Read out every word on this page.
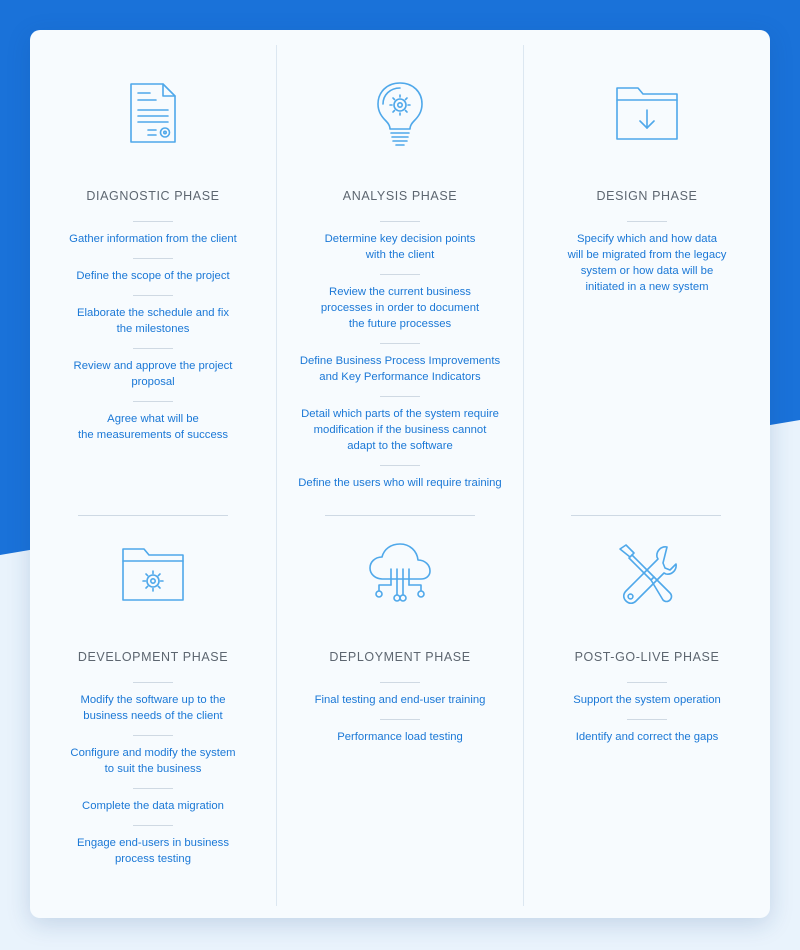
DIAGNOSTIC PHASE
Gather information from the client
Define the scope of the project
Elaborate the schedule and fix
the milestones
Review and approve the project
proposal
Agree what will be
the measurements of success
ANALYSIS PHASE
Determine key decision points
with the client
Review the current business
processes in order to document
the future processes
Define Business Process Improvements
and Key Performance Indicators
Detail which parts of the system require
modification if the business cannot
adapt to the software
Define the users who will require training
DESIGN PHASE
Specify which and how data
will be migrated from the legacy
system or how data will be
initiated in a new system
DEVELOPMENT PHASE
Modify the software up to the
business needs of the client
Configure and modify the system
to suit the business
Complete the data migration
Engage end-users in business
process testing
DEPLOYMENT PHASE
Final testing and end-user training
Performance load testing
POST-GO-LIVE PHASE
Support the system operation
Identify and correct the gaps
